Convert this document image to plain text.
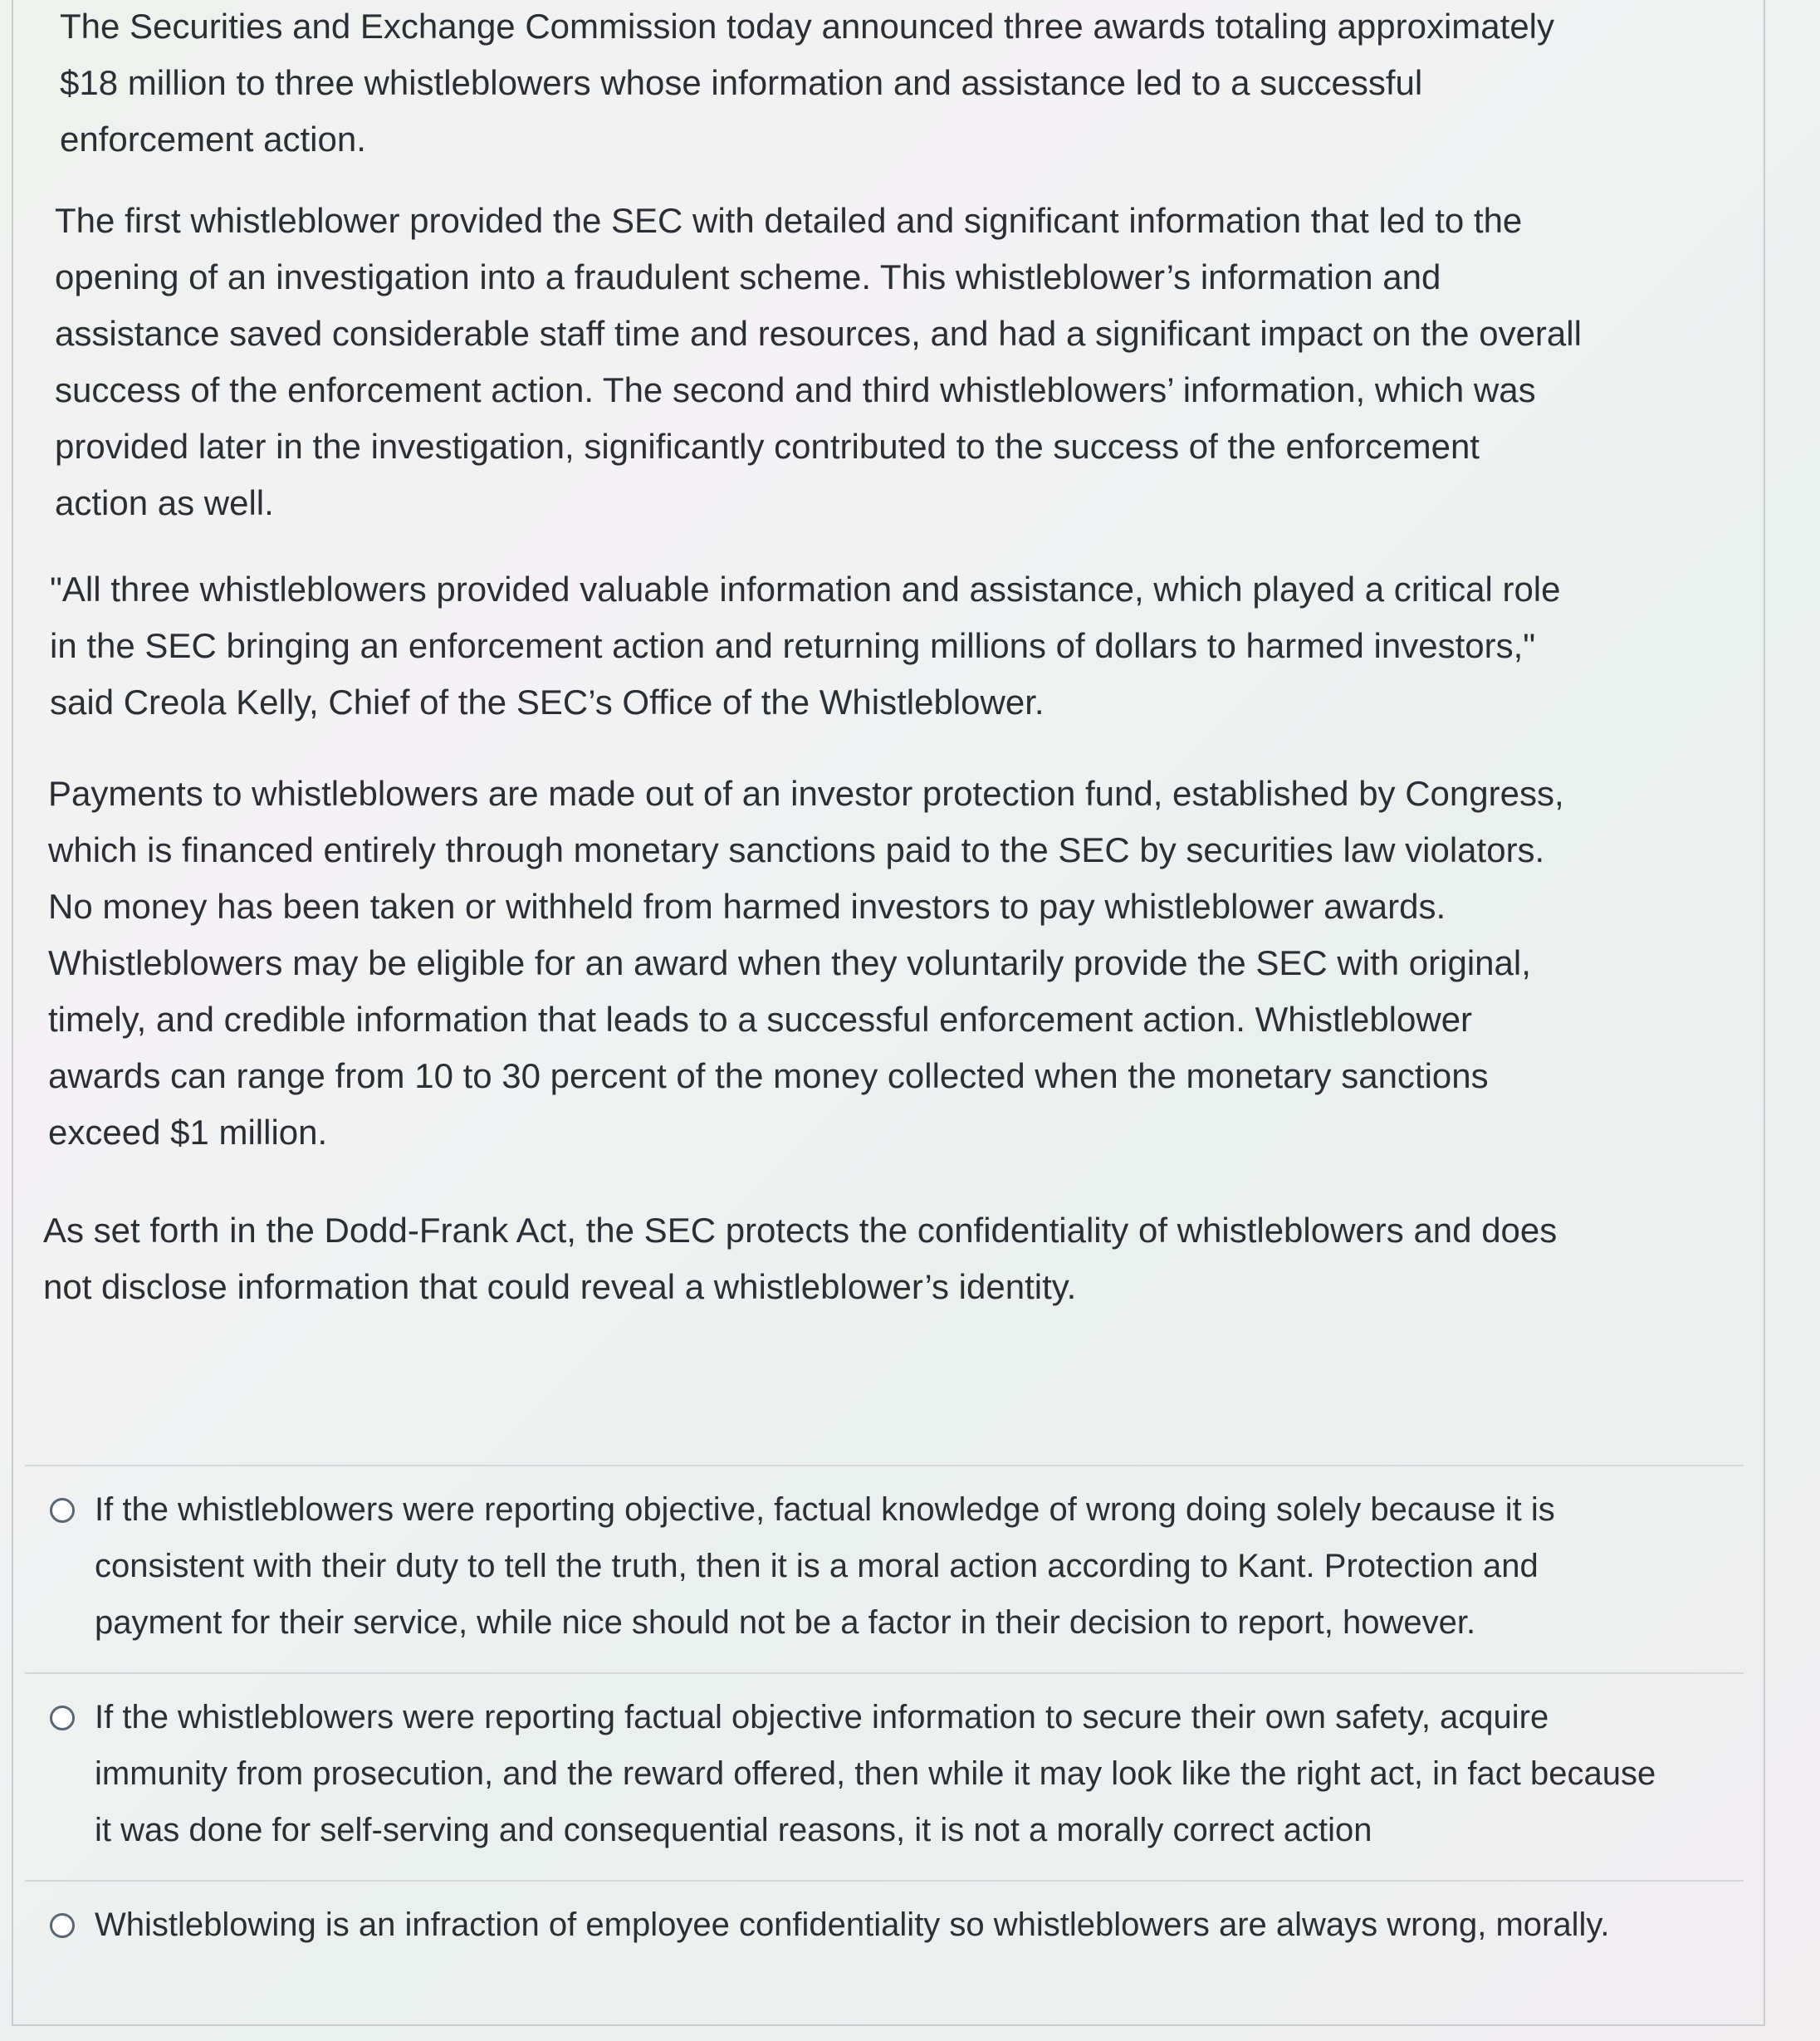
The Securities and Exchange Commission today announced three awards totaling approximately
$18 million to three whistleblowers whose information and assistance led to a successful
enforcement action.

The first whistleblower provided the SEC with detailed and significant information that led to the
opening of an investigation into a fraudulent scheme. This whistleblower’s information and
assistance saved considerable staff time and resources, and had a significant impact on the overall
success of the enforcement action. The second and third whistleblowers’ information, which was
provided later in the investigation, significantly contributed to the success of the enforcement
action as well.

"All three whistleblowers provided valuable information and assistance, which played a critical role
in the SEC bringing an enforcement action and returning millions of dollars to harmed investors,"
said Creola Kelly, Chief of the SEC’s Office of the Whistleblower.

Payments to whistleblowers are made out of an investor protection fund, established by Congress,
which is financed entirely through monetary sanctions paid to the SEC by securities law violators.
No money has been taken or withheld from harmed investors to pay whistleblower awards.
Whistleblowers may be eligible for an award when they voluntarily provide the SEC with original,
timely, and credible information that leads to a successful enforcement action. Whistleblower
awards can range from 10 to 30 percent of the money collected when the monetary sanctions
exceed $1 million.

As set forth in the Dodd-Frank Act, the SEC protects the confidentiality of whistleblowers and does
not disclose information that could reveal a whistleblower’s identity.

If the whistleblowers were reporting objective, factual knowledge of wrong doing solely because it is
consistent with their duty to tell the truth, then it is a moral action according to Kant. Protection and
payment for their service, while nice should not be a factor in their decision to report, however.
If the whistleblowers were reporting factual objective information to secure their own safety, acquire
immunity from prosecution, and the reward offered, then while it may look like the right act, in fact because
it was done for self-serving and consequential reasons, it is not a morally correct action
Whistleblowing is an infraction of employee confidentiality so whistleblowers are always wrong, morally.
